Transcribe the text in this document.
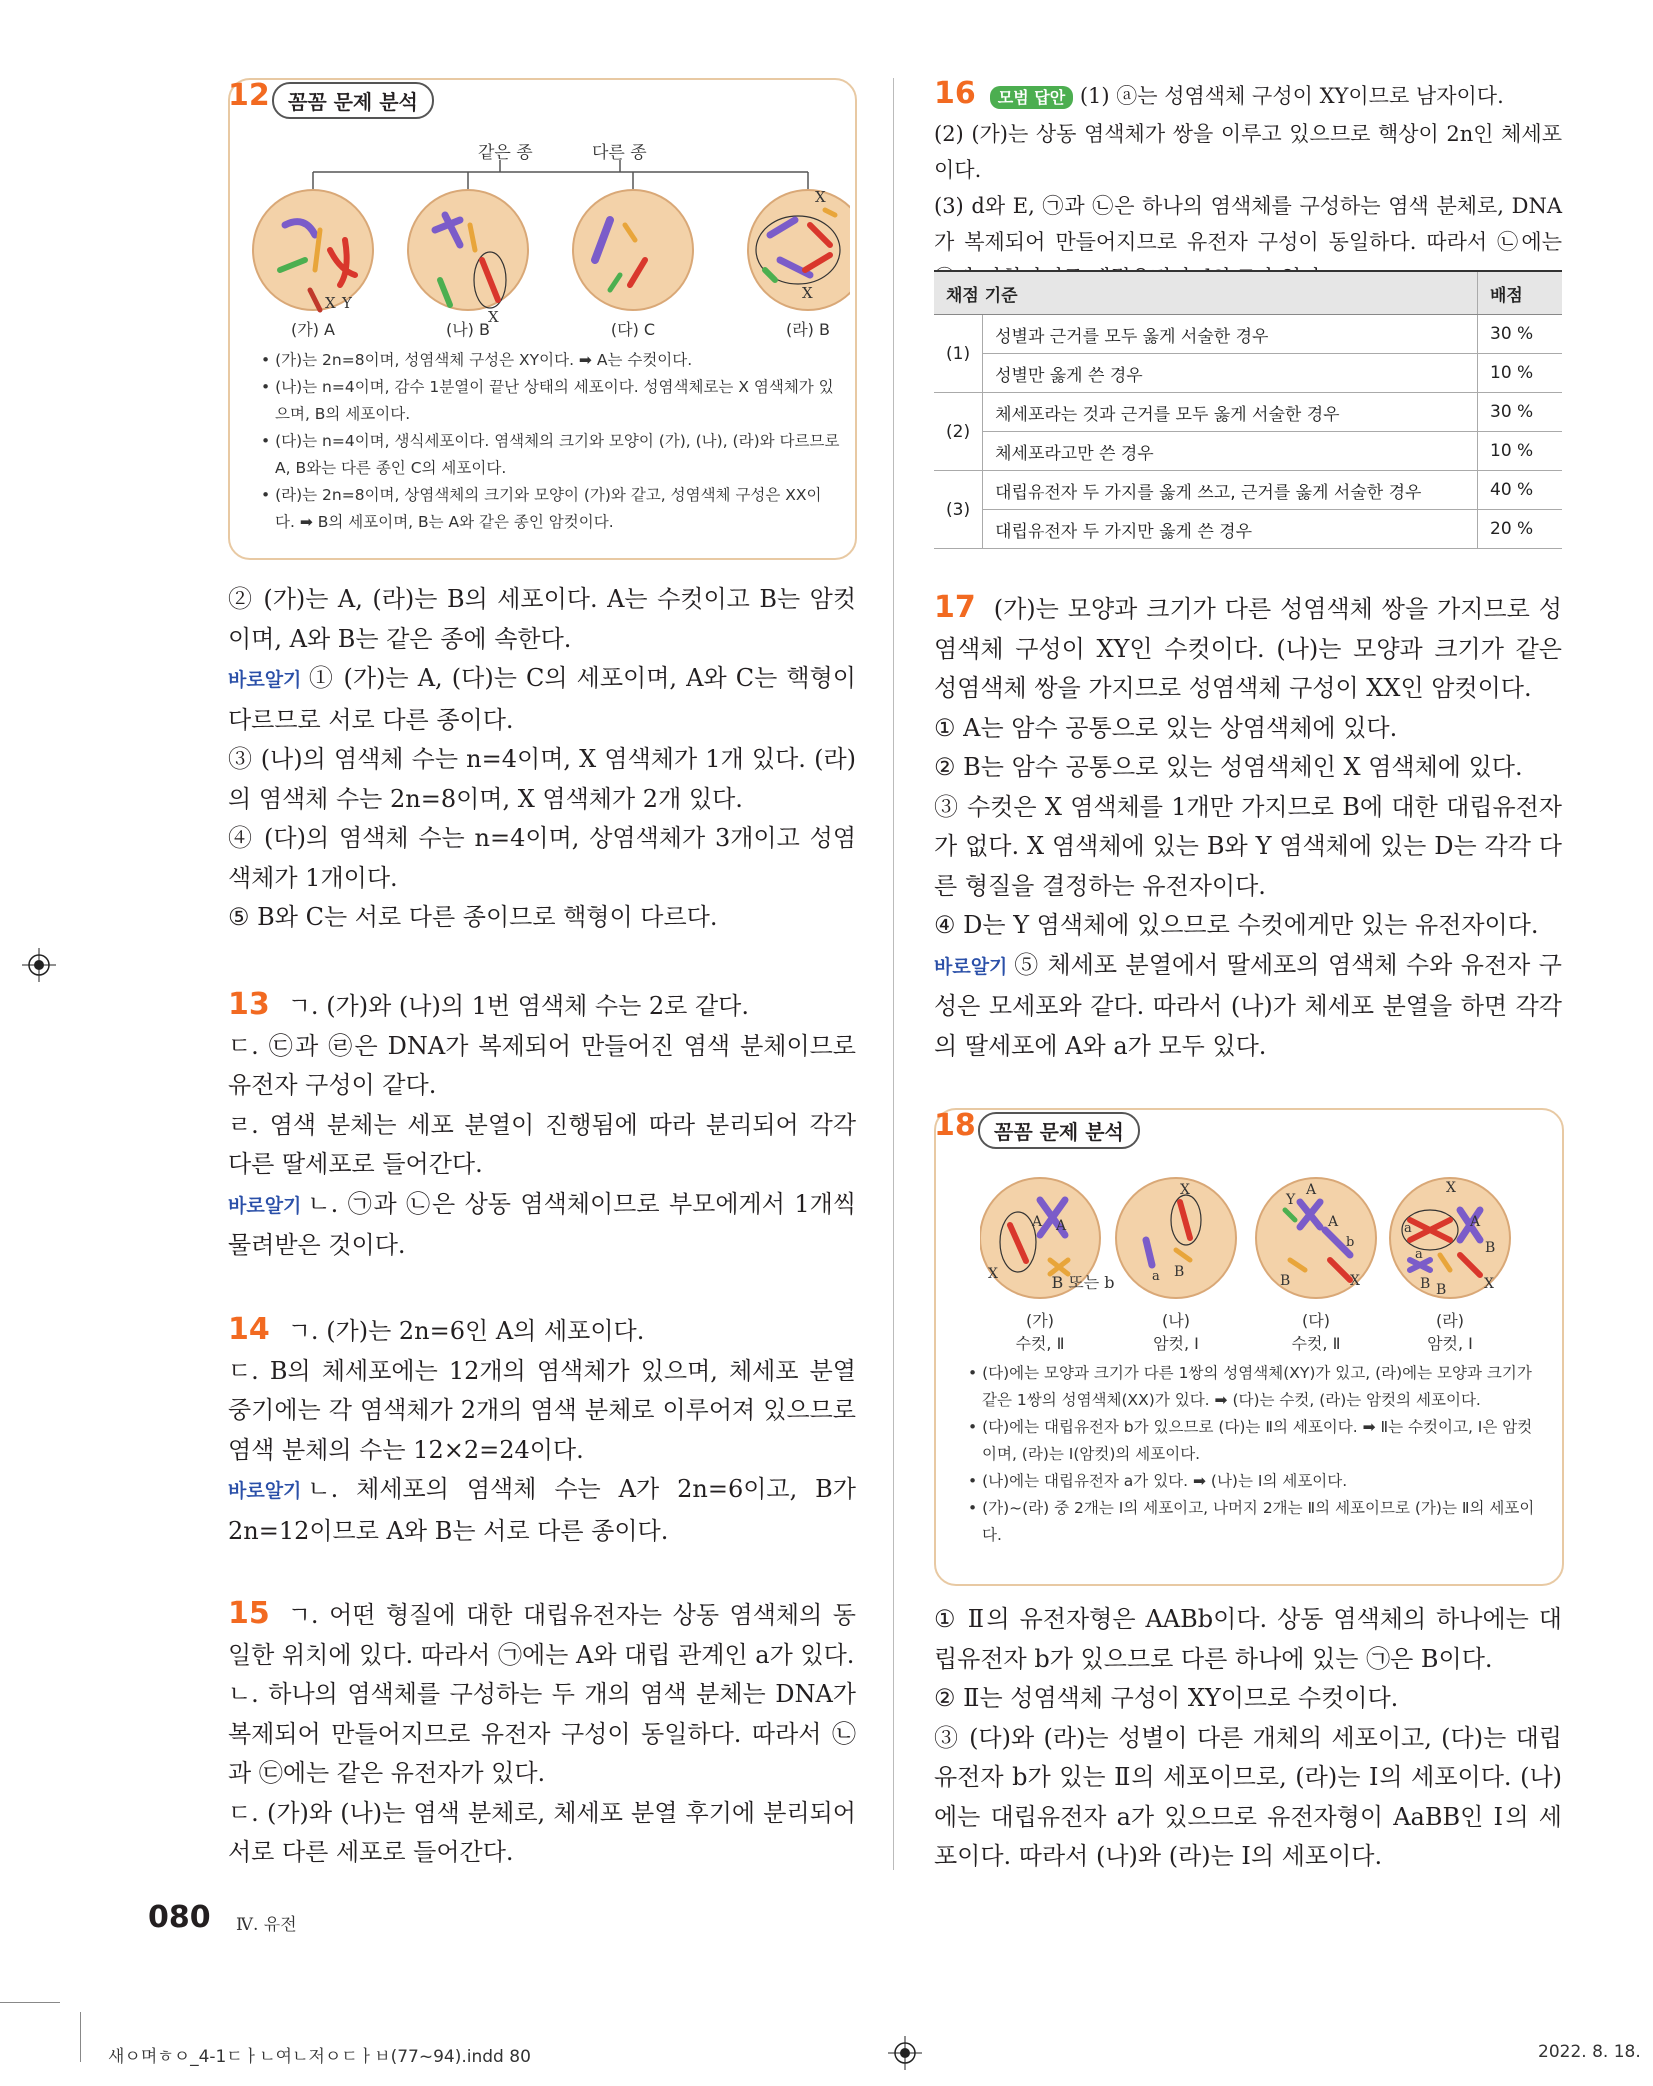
12 꼼꼼 문제 분석
X Y
X
X
X
같은 종	다른 종
(가) A	(나) B	(다) C	(라) B

• (가)는 2n=8이며, 성염색체 구성은 XY이다. ➡ A는 수컷이다.

• (나)는 n=4이며, 감수 1분열이 끝난 상태의 세포이다. 성염색체로는 X 염색체가 있으며, B의 세포이다.

• (다)는 n=4이며, 생식세포이다. 염색체의 크기와 모양이 (가), (나), (라)와 다르므로 A, B와는 다른 종인 C의 세포이다.

• (라)는 2n=8이며, 상염색체의 크기와 모양이 (가)와 같고, 성염색체 구성은 XX이다. ➡ B의 세포이며, B는 A와 같은 종인 암컷이다.

② (가)는 A, (라)는 B의 세포이다. A는 수컷이고 B는 암컷이며, A와 B는 같은 종에 속한다.

바로알기 ① (가)는 A, (다)는 C의 세포이며, A와 C는 핵형이 다르므로 서로 다른 종이다.

③ (나)의 염색체 수는 n=4이며, X 염색체가 1개 있다. (라)의 염색체 수는 2n=8이며, X 염색체가 2개 있다.

④ (다)의 염색체 수는 n=4이며, 상염색체가 3개이고 성염색체가 1개이다.

⑤ B와 C는 서로 다른 종이므로 핵형이 다르다.

13 ㄱ. (가)와 (나)의 1번 염색체 수는 2로 같다.

ㄷ. ㉢과 ㉣은 DNA가 복제되어 만들어진 염색 분체이므로 유전자 구성이 같다.

ㄹ. 염색 분체는 세포 분열이 진행됨에 따라 분리되어 각각 다른 딸세포로 들어간다.

바로알기 ㄴ. ㉠과 ㉡은 상동 염색체이므로 부모에게서 1개씩 물려받은 것이다.

14 ㄱ. (가)는 2n=6인 A의 세포이다.

ㄷ. B의 체세포에는 12개의 염색체가 있으며, 체세포 분열 중기에는 각 염색체가 2개의 염색 분체로 이루어져 있으므로 염색 분체의 수는 12×2=24이다.

바로알기 ㄴ. 체세포의 염색체 수는 A가 2n=6이고, B가 2n=12이므로 A와 B는 서로 다른 종이다.

15 ㄱ. 어떤 형질에 대한 대립유전자는 상동 염색체의 동일한 위치에 있다. 따라서 ㉠에는 A와 대립 관계인 a가 있다.

ㄴ. 하나의 염색체를 구성하는 두 개의 염색 분체는 DNA가 복제되어 만들어지므로 유전자 구성이 동일하다. 따라서 ㉡과 ㉢에는 같은 유전자가 있다.

ㄷ. (가)와 (나)는 염색 분체로, 체세포 분열 후기에 분리되어 서로 다른 세포로 들어간다.

16 모범 답안 (1) ⓐ는 성염색체 구성이 XY이므로 남자이다.

(2) (가)는 상동 염색체가 쌍을 이루고 있으므로 핵상이 2n인 체세포이다.

(3) d와 E, ㉠과 ㉡은 하나의 염색체를 구성하는 염색 분체로, DNA가 복제되어 만들어지므로 유전자 구성이 동일하다. 따라서 ㉡에는

채점 기준		배점
(1)	성별과 근거를 모두 옳게 서술한 경우	30 %
	성별만 옳게 쓴 경우	10 %
(2)	체세포라는 것과 근거를 모두 옳게 서술한 경우	30 %
	체세포라고만 쓴 경우	10 %
(3)	대립유전자 두 가지를 옳게 쓰고, 근거를 옳게 서술한 경우	40 %
	대립유전자 두 가지만 옳게 쓴 경우	20 %

17 (가)는 모양과 크기가 다른 성염색체 쌍을 가지므로 성염색체 구성이 XY인 수컷이다. (나)는 모양과 크기가 같은 성염색체 쌍을 가지므로 성염색체 구성이 XX인 암컷이다.

① A는 암수 공통으로 있는 상염색체에 있다.

② B는 암수 공통으로 있는 성염색체인 X 염색체에 있다.

③ 수컷은 X 염색체를 1개만 가지므로 B에 대한 대립유전자가 없다. X 염색체에 있는 B와 Y 염색체에 있는 D는 각각 다른 형질을 결정하는 유전자이다.

④ D는 Y 염색체에 있으므로 수컷에게만 있는 유전자이다.

바로알기 ⑤ 체세포 분열에서 딸세포의 염색체 수와 유전자 구성은 모세포와 같다. 따라서 (나)가 체세포 분열을 하면 각각의 딸세포에 A와 a가 모두 있다.

18 꼼꼼 문제 분석
X
A A
X
B
a
Y
A
A
b
B	X
X
a	A
B
a
B B	X
B 또는 b
(가)
수컷, Ⅱ
(나)
암컷, Ⅰ
(다)
수컷, Ⅱ
(라)
암컷, Ⅰ

• (다)에는 모양과 크기가 다른 1쌍의 성염색체(XY)가 있고, (라)에는 모양과 크기가 같은 1쌍의 성염색체(XX)가 있다. ➡ (다)는 수컷, (라)는 암컷의 세포이다.

• (다)에는 대립유전자 b가 있으므로 (다)는 Ⅱ의 세포이다. ➡ Ⅱ는 수컷이고, Ⅰ은 암컷이며, (라)는 Ⅰ(암컷)의 세포이다.

• (나)에는 대립유전자 a가 있다. ➡ (나)는 Ⅰ의 세포이다.

• (가)~(라) 중 2개는 Ⅰ의 세포이고, 나머지 2개는 Ⅱ의 세포이므로 (가)는 Ⅱ의 세포이다.

① Ⅱ의 유전자형은 AABb이다. 상동 염색체의 하나에는 대립유전자 b가 있으므로 다른 하나에 있는 ㉠은 B이다.

② Ⅱ는 성염색체 구성이 XY이므로 수컷이다.

③ (다)와 (라)는 성별이 다른 개체의 세포이고, (다)는 대립유전자 b가 있는 Ⅱ의 세포이므로, (라)는 Ⅰ의 세포이다. (나)에는 대립유전자 a가 있으므로 유전자형이 AaBB인 Ⅰ의 세포이다. 따라서 (나)와 (라)는 Ⅰ의 세포이다.

080 Ⅳ. 유전
새ㅇ며ㅎㅇ_4-1ㄷㅏㄴ여ㄴ저ㅇㄷㅏㅂ(77~94).indd 80	2022. 8. 18.
